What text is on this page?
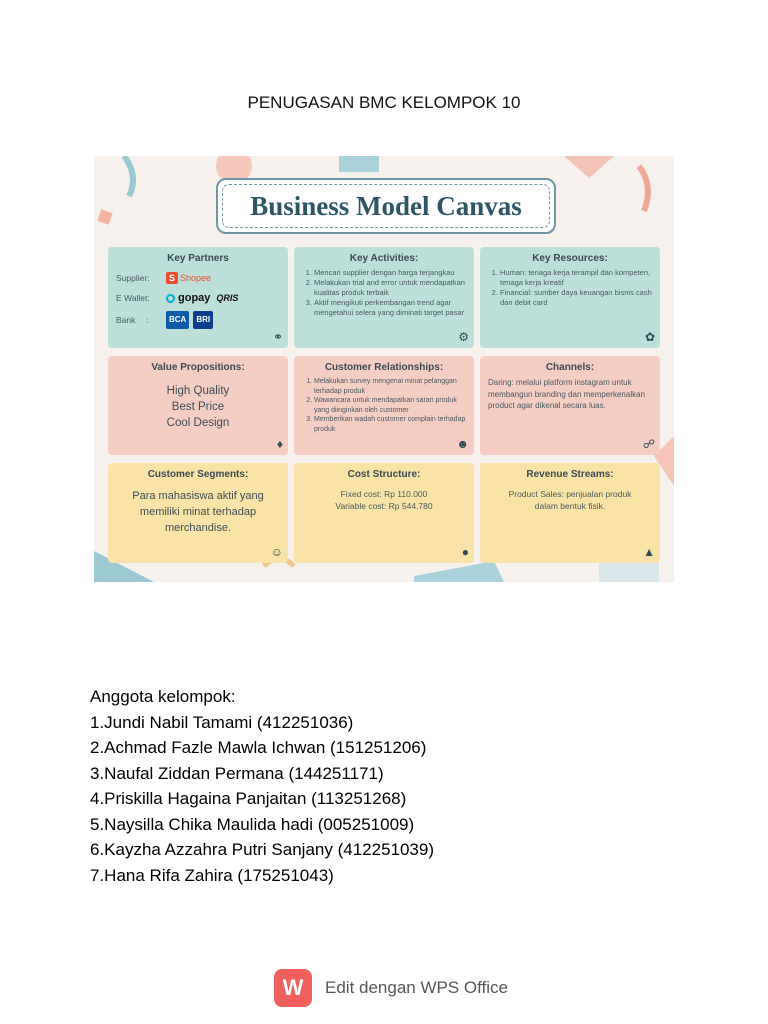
PENUGASAN BMC KELOMPOK 10
Business Model Canvas
Key Partners
Supplier:	S Shopee
E Wallet:	gopay QRIS
Bank	:	BCA	BRI
⚭
Key Activities:
1. Mencari supplier dengan harga terjangkau
2. Melakukan trial and error untuk mendapatkan kualitas produk terbaik
3. Aktif mengikuti perkembangan trend agar mengetahui selera yang diminati target pasar
⚙
Key Resources:
1. Human: tenaga kerja terampil dan kompeten, tenaga kerja kreatif
2. Financial: sumber daya keuangan bisnis cash dan debit card
✿
Value Propositions:
High Quality
Best Price
Cool Design
♦
Customer Relationships:
1. Melakukan survey mengenai minat pelanggan terhadap produk
2. Wawancara untuk mendapatkan saran produk yang diinginkan oleh customer
3. Memberikan wadah customer complain terhadap produk
☻
Channels:
Daring: melalui platform instagram untuk membangun branding dan memperkenalkan product agar dikenal secara luas.
☍
Customer Segments:
Para mahasiswa aktif yang memiliki minat terhadap merchandise.
☺
Cost Structure:
Fixed cost: Rp 110.000
Variable cost: Rp 544.780
●
Revenue Streams:
Product Sales: penjualan produk dalam bentuk fisik.
▲
Anggota kelompok:
1.Jundi Nabil Tamami (412251036)
2.Achmad Fazle Mawla Ichwan (151251206)
3.Naufal Ziddan Permana (144251171)
4.Priskilla Hagaina Panjaitan (113251268)
5.Naysilla Chika Maulida hadi (005251009)
6.Kayzha Azzahra Putri Sanjany (412251039)
7.Hana Rifa Zahira (175251043)
W	Edit dengan WPS Office
